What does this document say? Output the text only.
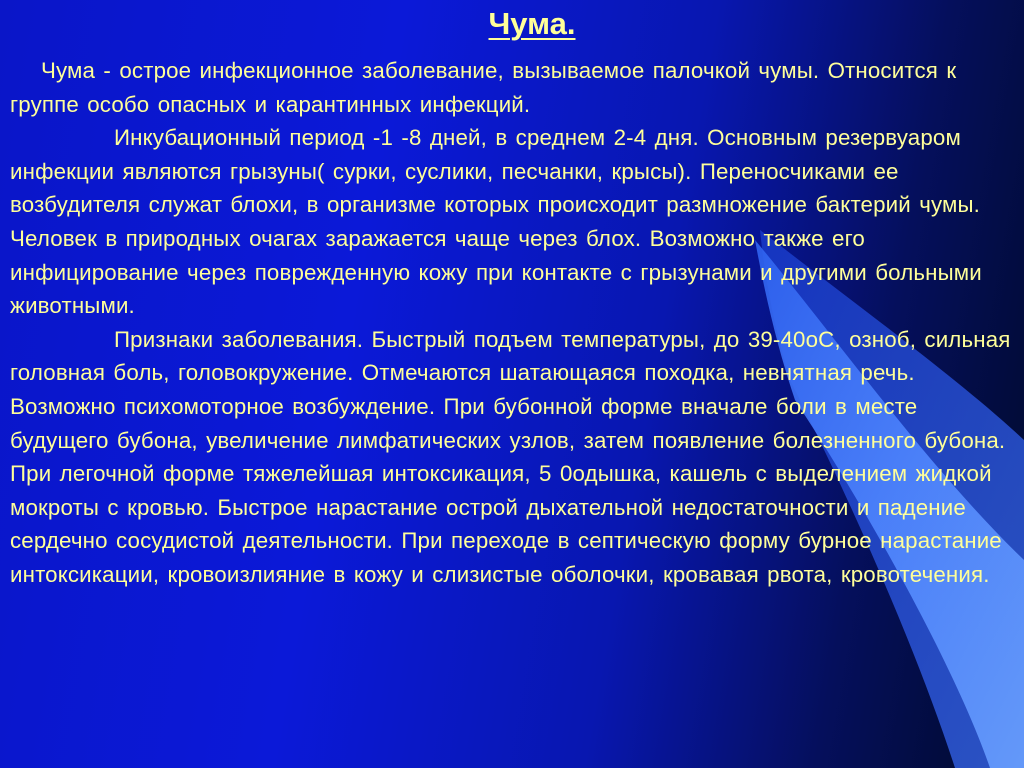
Чума.

Чума - острое инфекционное заболевание, вызываемое палочкой чумы. Относится к группе особо опасных и карантинных инфекций.

Инкубационный период -1 -8 дней, в среднем 2-4 дня. Основным резервуаром инфекции являются грызуны( сурки, суслики, песчанки, крысы). Переносчиками ее возбудителя служат блохи, в организме которых происходит размножение бактерий чумы. Человек в природных очагах заражается чаще через блох. Возможно также его инфицирование через поврежденную кожу при контакте с грызунами и другими больными животными.

Признаки заболевания. Быстрый подъем температуры, до 39-40оС, озноб, сильная головная боль, головокружение. Отмечаются шатающаяся походка, невнятная речь. Возможно психомоторное возбуждение. При бубонной форме вначале боли в месте будущего бубона, увеличение лимфатических узлов, затем появление болезненного бубона. При легочной форме тяжелейшая интоксикация, 5 0одышка, кашель с выделением жидкой мокроты с кровью. Быстрое нарастание острой дыхательной недостаточности и падение сердечно сосудистой деятельности. При переходе в септическую форму бурное нарастание интоксикации, кровоизлияние в кожу и слизистые оболочки, кровавая рвота, кровотечения.
